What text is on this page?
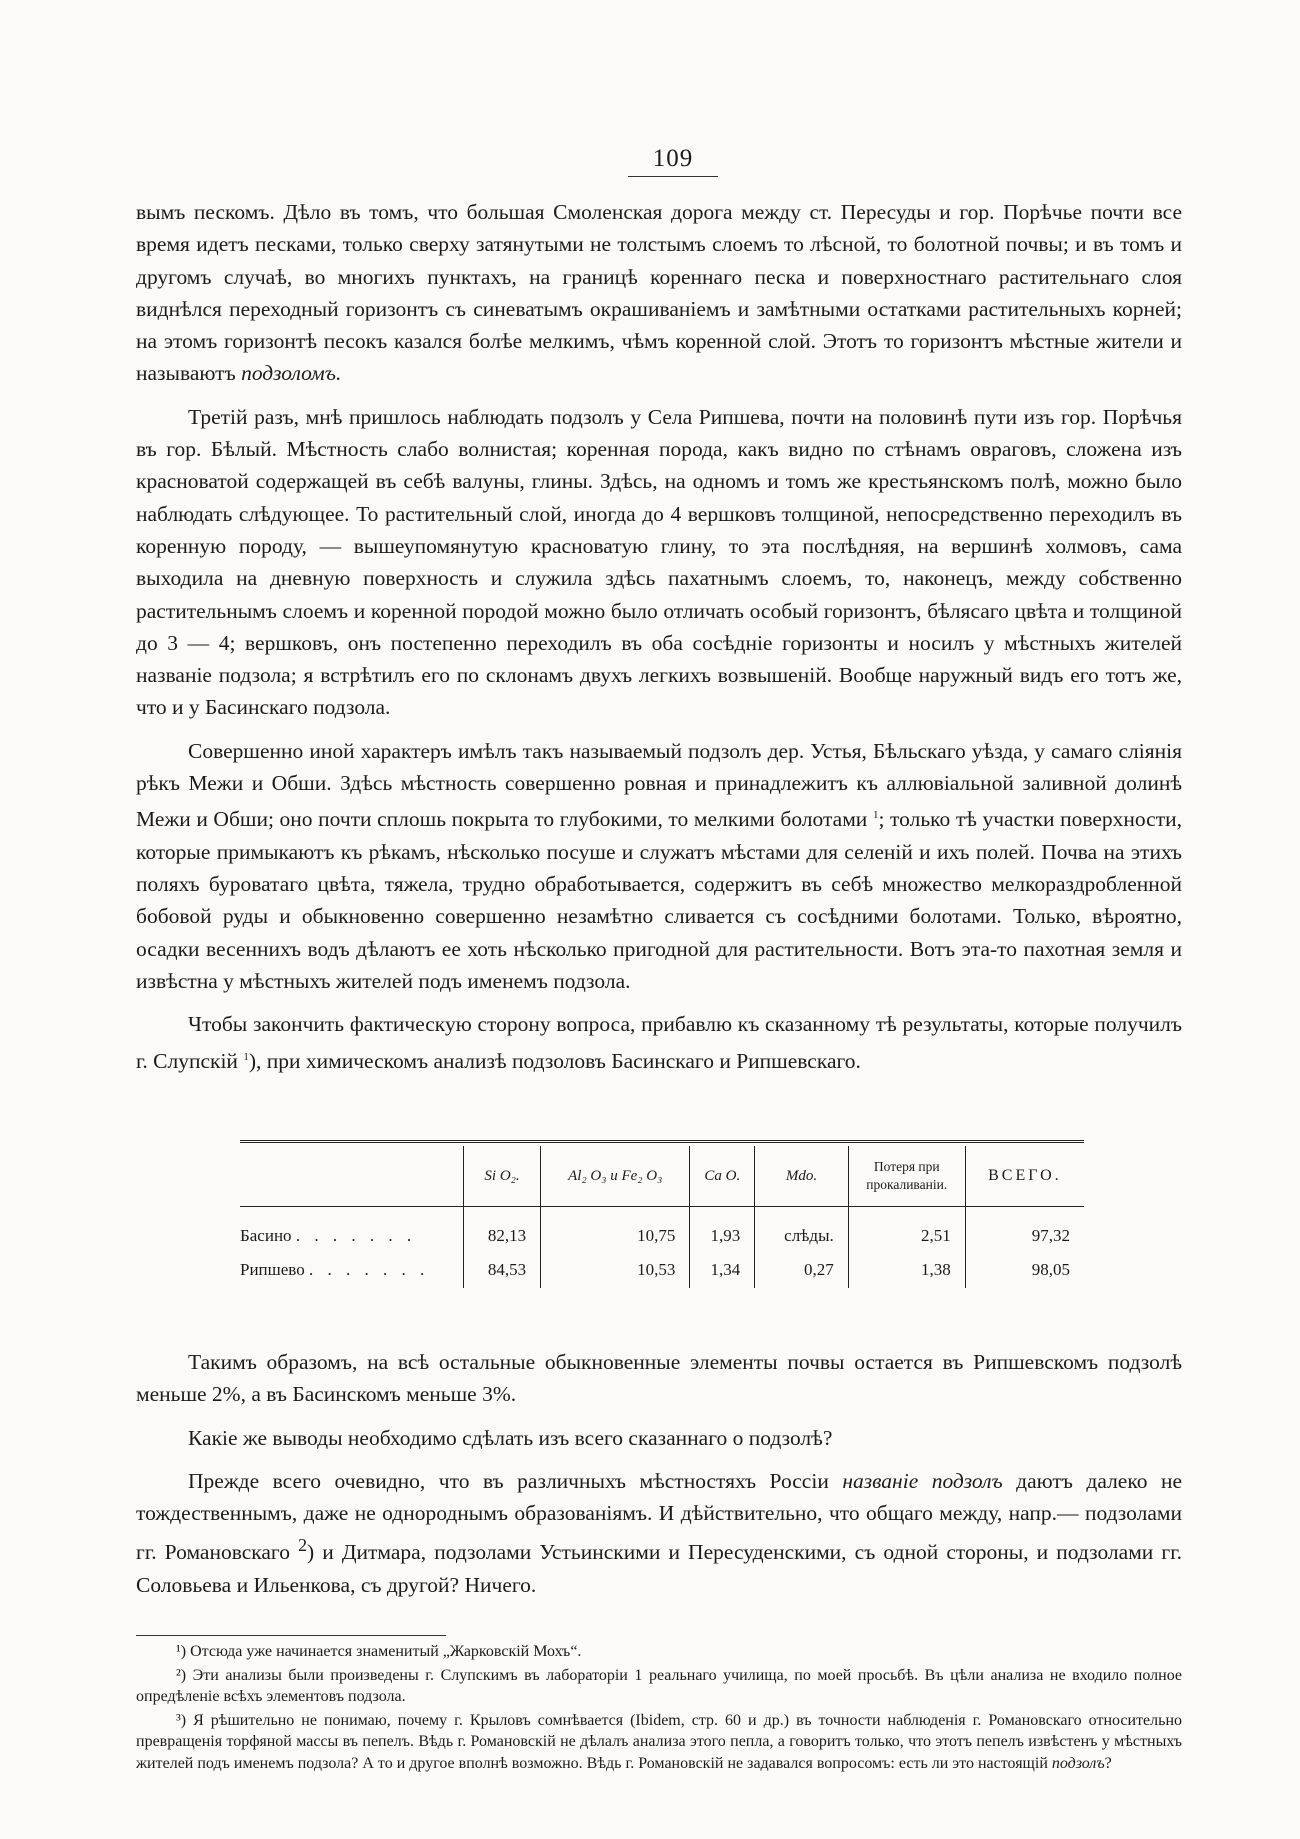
109

вымъ пескомъ. Дѣло въ томъ, что большая Смоленская дорога между ст. Пересуды и гор. Порѣчье почти все время идетъ песками, только сверху затянутыми не толстымъ слоемъ то лѣсной, то болотной почвы; и въ томъ и другомъ случаѣ, во многихъ пунктахъ, на границѣ кореннаго песка и поверхностнаго растительнаго слоя виднѣлся переходный горизонтъ съ синеватымъ окрашиваніемъ и замѣтными остатками растительныхъ корней; на этомъ горизонтѣ песокъ казался болѣе мелкимъ, чѣмъ коренной слой. Этотъ то горизонтъ мѣстные жители и называютъ подзоломъ.

Третій разъ, мнѣ пришлось наблюдать подзолъ у Села Рипшева, почти на половинѣ пути изъ гор. Порѣчья въ гор. Бѣлый. Мѣстность слабо волнистая; коренная порода, какъ видно по стѣнамъ овраговъ, сложена изъ красноватой содержащей въ себѣ валуны, глины. Здѣсь, на одномъ и томъ же крестьянскомъ полѣ, можно было наблюдать слѣдующее. То растительный слой, иногда до 4 вершковъ толщиной, непосредственно переходилъ въ коренную породу, — вышеупомянутую красноватую глину, то эта послѣдняя, на вершинѣ холмовъ, сама выходила на дневную поверхность и служила здѣсь пахатнымъ слоемъ, то, наконецъ, между собственно растительнымъ слоемъ и коренной породой можно было отличать особый горизонтъ, бѣлясаго цвѣта и толщиной до 3 — 4; вершковъ, онъ постепенно переходилъ въ оба сосѣдніе горизонты и носилъ у мѣстныхъ жителей названіе подзола; я встрѣтилъ его по склонамъ двухъ легкихъ возвышеній. Вообще наружный видъ его тотъ же, что и у Басинскаго подзола.

Совершенно иной характеръ имѣлъ такъ называемый подзолъ дер. Устья, Бѣльскаго уѣзда, у самаго слiянія рѣкъ Межи и Обши. Здѣсь мѣстность совершенно ровная и принадлежитъ къ аллювіальной заливной долинѣ Межи и Обши; оно почти сплошь покрыта то глубокими, то мелкими болотами $^1$; только тѣ участки поверхности, которые примыкаютъ къ рѣкамъ, нѣсколько посуше и служатъ мѣстами для селеній и ихъ полей. Почва на этихъ поляхъ буроватаго цвѣта, тяжела, трудно обработывается, содержитъ въ себѣ множество мелкораздробленной бобовой руды и обыкновенно совершенно незамѣтно сливается съ сосѣдними болотами. Только, вѣроятно, осадки весеннихъ водъ дѣлаютъ ее хоть нѣсколько пригодной для растительности. Вотъ эта-то пахотная земля и извѣстна у мѣстныхъ жителей подъ именемъ подзола.

Чтобы закончить фактическую сторону вопроса, прибавлю къ сказанному тѣ результаты, которые получилъ г. Слупскій $^1$), при химическомъ анализѣ подзоловъ Басинскаго и Рипшевскаго.

	Si O₂.	Al₂ O₃ и Fe₂ O₃	Ca O.	Mdo.	Потеря при прокаливаніи.	ВСЕГО.
Басино . . . . . . .	82,13	10,75	1,93	слѣды.	2,51	97,32
Рипшево . . . . . . .	84,53	10,53	1,34	0,27	1,38	98,05

Такимъ образомъ, на всѣ остальные обыкновенные элементы почвы остается въ Рипшевскомъ подзолѣ меньше 2%, а въ Басинскомъ меньше 3%.

Какіе же выводы необходимо сдѣлать изъ всего сказаннаго о подзолѣ?

Прежде всего очевидно, что въ различныхъ мѣстностяхъ Россіи названіе подзолъ даютъ далеко не тождественнымъ, даже не однороднымъ образованіямъ. И дѣйствительно, что общаго между, напр.— подзолами гг. Романовскаго $^2$) и Дитмара, подзолами Устьинскими и Пересуденскими, съ одной стороны, и подзолами гг. Соловьева и Ильенкова, съ другой? Ничего.

¹) Отсюда уже начинается знаменитый „Жарковскій Мохъ“.

²) Эти анализы были произведены г. Слупскимъ въ лабораторіи 1 реальнаго училища, по моей просьбѣ. Въ цѣли анализа не входило полное опредѣленіе всѣхъ элементовъ подзола.

³) Я рѣшительно не понимаю, почему г. Крыловъ сомнѣвается (Ibidem, стр. 60 и др.) въ точности наблюденія г. Романовскаго относительно превращенія торфяной массы въ пепелъ. Вѣдь г. Романовскій не дѣлалъ анализа этого пепла, а говоритъ только, что этотъ пепелъ извѣстенъ у мѣстныхъ жителей подъ именемъ подзола? А то и другое вполнѣ возможно. Вѣдь г. Романовскій не задавался вопросомъ: есть ли это настоящій подзолъ?
